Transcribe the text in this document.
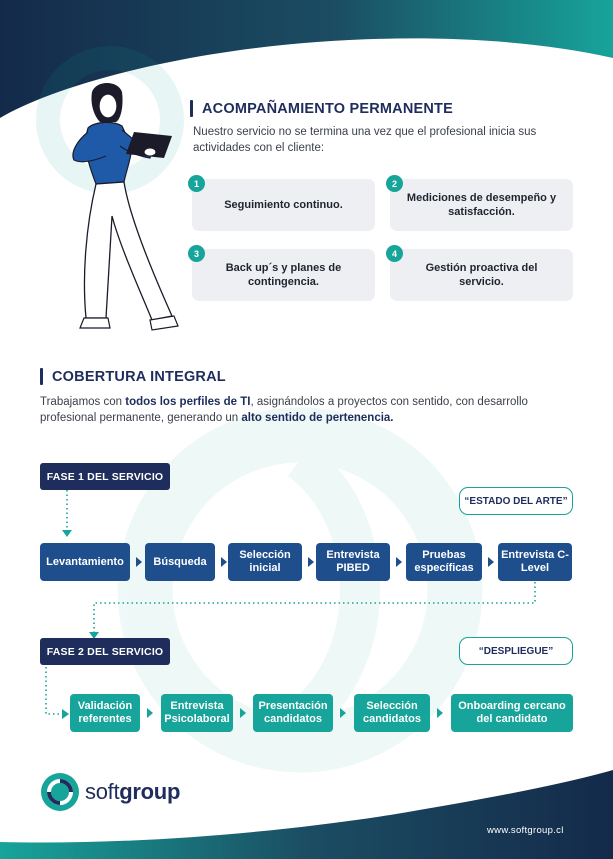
ACOMPAÑAMIENTO PERMANENTE
Nuestro servicio no se termina una vez que el profesional inicia sus actividades con el cliente:
Seguimiento continuo.
1
Mediciones de desempeño y satisfacción.
2
Back up´s y planes de contingencia.
3
Gestión proactiva del servicio.
4
COBERTURA INTEGRAL
Trabajamos con todos los perfiles de TI, asignándolos a proyectos con sentido, con desarrollo profesional permanente, generando un alto sentido de pertenencia.
FASE 1 DEL SERVICIO
“ESTADO DEL ARTE”
Levantamiento	Búsqueda
Selección inicial
Entrevista PIBED
Pruebas específicas
Entrevista C-Level
FASE 2 DEL SERVICIO	“DESPLIEGUE”
Validación referentes
Entrevista Psicolaboral
Presentación candidatos
Selección candidatos
Onboarding cercano del candidato
softgroup
www.softgroup.cl
